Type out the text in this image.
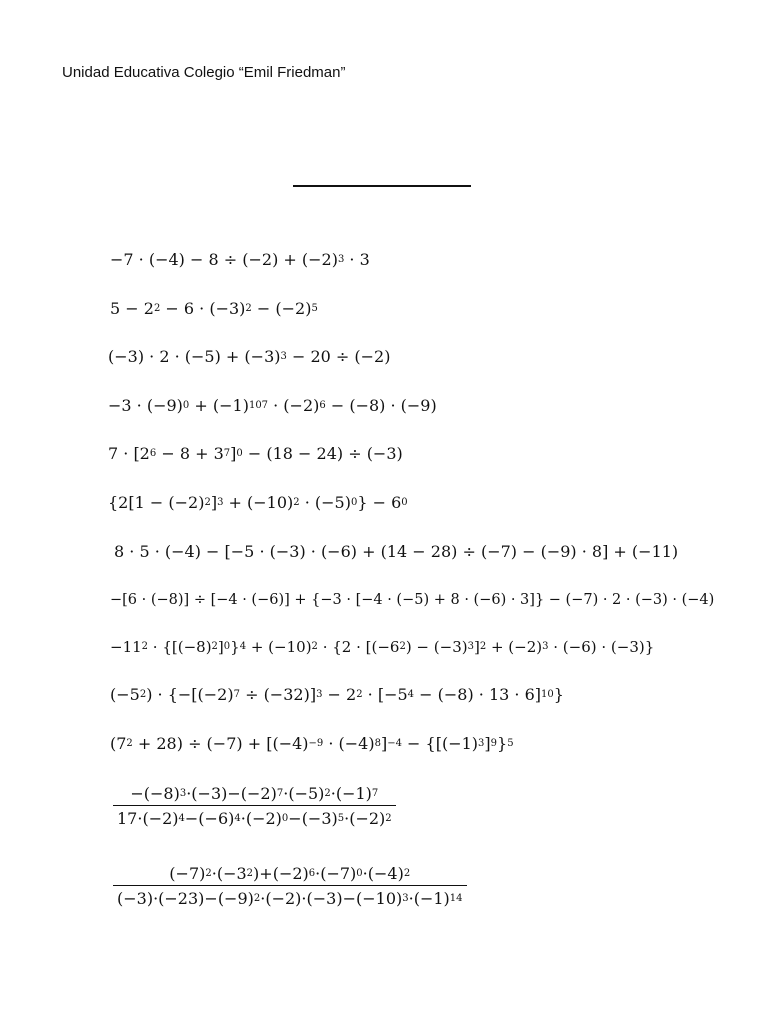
Unidad Educativa Colegio “Emil Friedman”
$-7 \cdot (-4) - 8 \div (-2) + (-2)^3 \cdot 3$
$5 - 2^2 - 6 \cdot (-3)^2 - (-2)^5$
$(-3) \cdot 2 \cdot (-5) + (-3)^3 - 20 \div (-2)$
$-3 \cdot (-9)^0 + (-1)^{107} \cdot (-2)^6 - (-8) \cdot (-9)$
$7 \cdot [2^6 - 8 + 3^7]^0 - (18 - 24) \div (-3)$
$\{2[1 - (-2)^2]^3 + (-10)^2 \cdot (-5)^0\} - 6^0$
8 · 5 · (−4) − [−5 · (−3) · (−6) + (14 − 28) ÷ (−7) − (−9) · 8] + (−11)
−[6 · (−8)] ÷ [−4 · (−6)] + {−3 · [−4 · (−5) + 8 · (−6) · 3]} − (−7) · 2 · (−3) · (−4)
$-11^2 \cdot \{[(-8)^2]^0\}^4 + (-10)^2 \cdot \{2 \cdot [(-6^2) - (-3)^3]^2 + (-2)^3 \cdot (-6) \cdot (-3)\}$
$(-5^2) \cdot \{-[(-2)^7 \div (-32)]^3 - 2^2 \cdot [-5^4 - (-8) \cdot 13 \cdot 6]^{10}\}$
$(7^2 + 28) \div (-7) + [(-4)^{-9} \cdot (-4)^8]^{-4} - \{[(-1)^3]^9\}^5$
$-(-8)^3\cdot(-3)-(-2)^7\cdot(-5)^2\cdot(-1)^7$
$17\cdot(-2)^4-(-6)^4\cdot(-2)^0-(-3)^5\cdot(-2)^2$
$(-7)^2\cdot(-3^2)+(-2)^6\cdot(-7)^0\cdot(-4)^2$
$(-3)\cdot(-23)-(-9)^2\cdot(-2)\cdot(-3)-(-10)^3\cdot(-1)^{14}$
